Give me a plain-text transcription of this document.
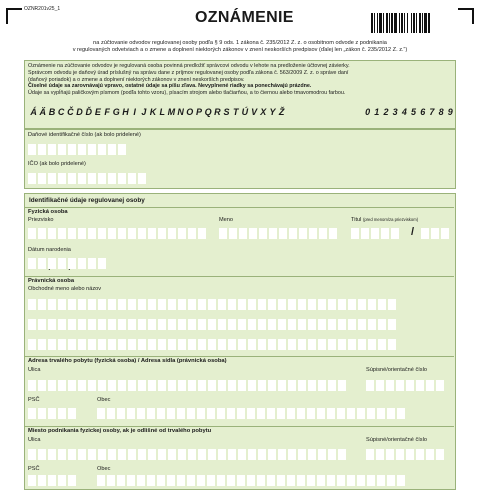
OZNR201v25_1	OZNÁMENIE
na zúčtovanie odvodov regulovanej osoby podľa § 9 ods. 1 zákona č. 235/2012 Z. z. o osobitnom odvode z podnikania
v regulovaných odvetviach a o zmene a doplnení niektorých zákonov v znení neskorších predpisov (ďalej len „zákon č. 235/2012 Z. z.“)
Oznámenie na zúčtovanie odvodov je regulovaná osoba povinná predložiť správcovi odvodu v lehote na predloženie účtovnej závierky.
Správcom odvodu je daňový úrad príslušný na správu dane z príjmov regulovanej osoby podľa zákona č. 563/2009 Z. z. o správe daní
(daňový poriadok) a o zmene a doplnení niektorých zákonov v znení neskorších predpisov.
Číselné údaje sa zarovnávajú vpravo, ostatné údaje sa píšu zľava. Nevyplnené riadky sa ponechávajú prázdne.
Údaje sa vypĺňajú paličkovým písmom (podľa tohto vzoru), písacím strojom alebo tlačiarňou, a to čiernou alebo tmavomodrou farbou.
Á Ä B C Č D Ď E F G H I J K L M N O P Q R S T Ú V X Y Ž	0 1 2 3 4 5 6 7 8 9
Daňové identifikačné číslo (ak bolo pridelené)
IČO (ak bolo pridelené)
Identifikačné údaje regulovanej osoby
Fyzická osoba
Priezvisko	Meno	Titul (pred menom/za priezviskom)
/
Dátum narodenia
. .
Právnická osoba
Obchodné meno alebo názov
Adresa trvalého pobytu (fyzická osoba) / Adresa sídla (právnická osoba)
Ulica	Súpisné/orientačné číslo
PSČ	Obec
Miesto podnikania fyzickej osoby, ak je odlišné od trvalého pobytu
Ulica	Súpisné/orientačné číslo
PSČ	Obec
